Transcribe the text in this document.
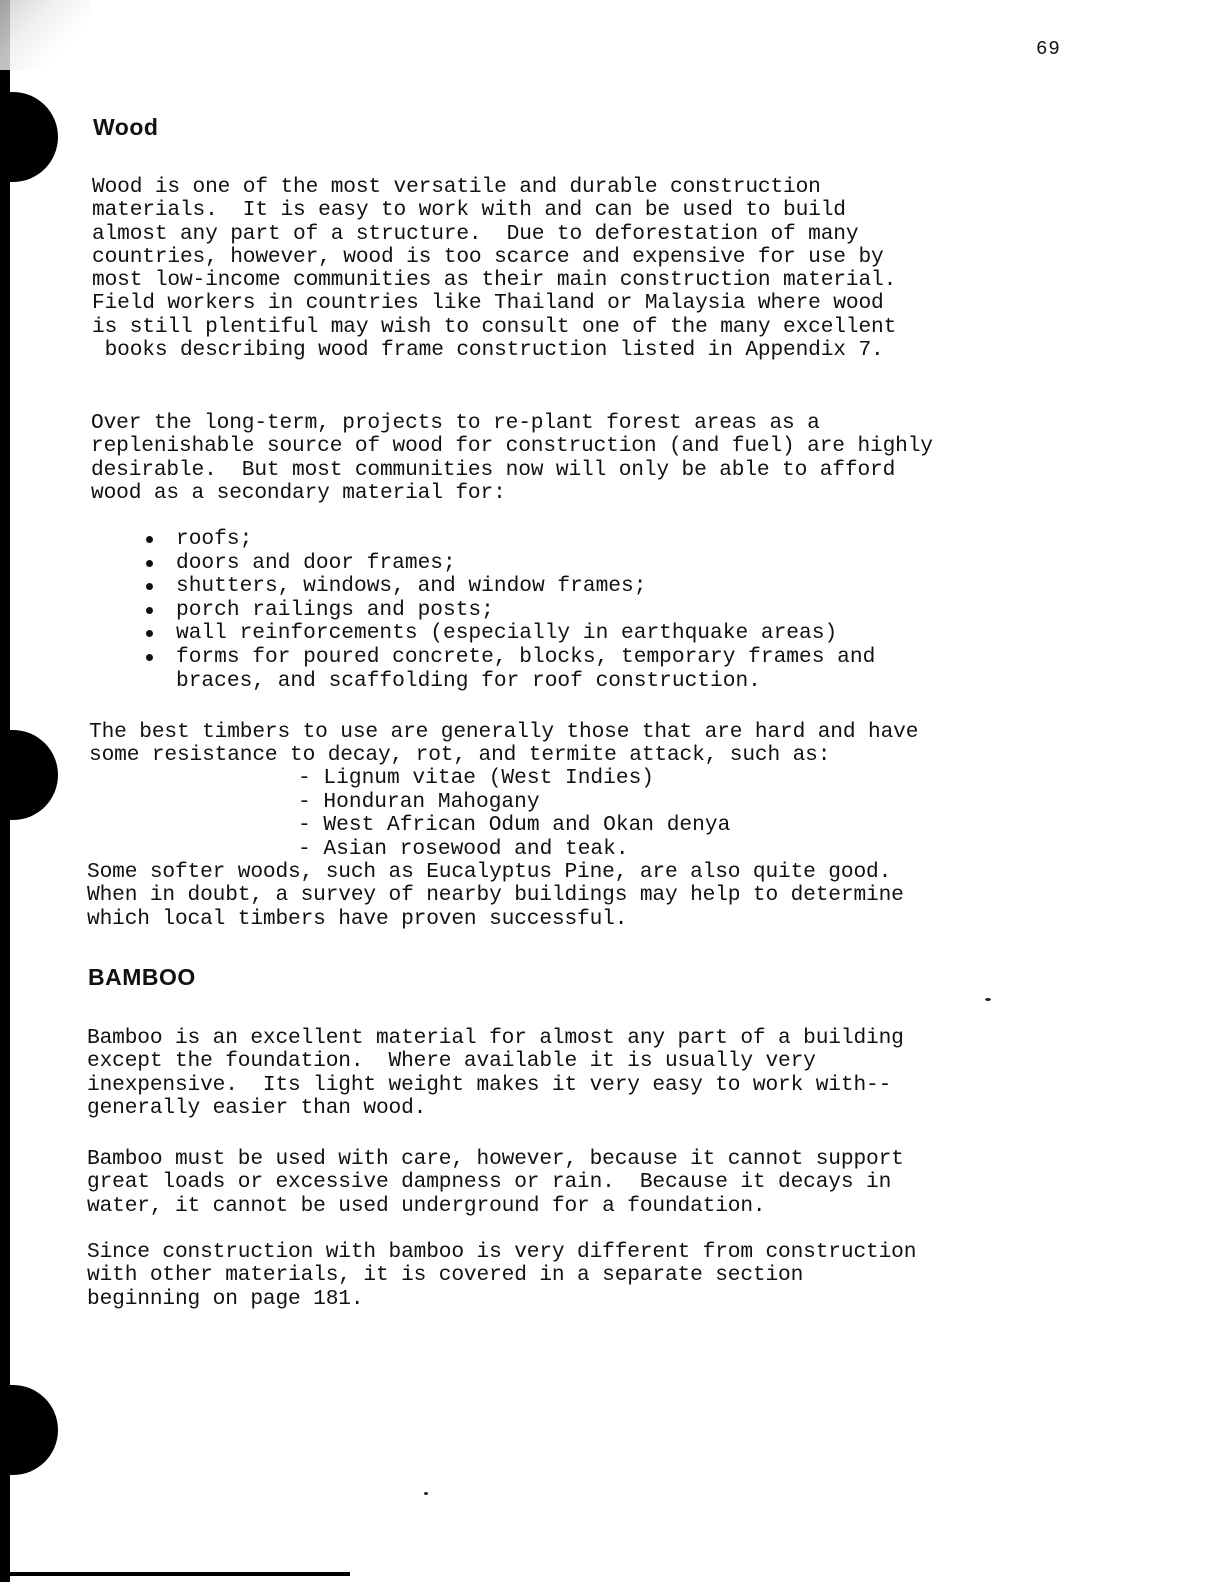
69
Wood

Wood is one of the most versatile and durable construction
materials.  It is easy to work with and can be used to build
almost any part of a structure.  Due to deforestation of many
countries, however, wood is too scarce and expensive for use by
most low-income communities as their main construction material.
Field workers in countries like Thailand or Malaysia where wood
is still plentiful may wish to consult one of the many excellent
books describing wood frame construction listed in Appendix 7.

Over the long-term, projects to re-plant forest areas as a
replenishable source of wood for construction (and fuel) are highly
desirable.  But most communities now will only be able to afford
wood as a secondary material for:

roofs;
doors and door frames;
shutters, windows, and window frames;
porch railings and posts;
wall reinforcements (especially in earthquake areas)
forms for poured concrete, blocks, temporary frames and
braces, and scaffolding for roof construction.

The best timbers to use are generally those that are hard and have
some resistance to decay, rot, and termite attack, such as:

- Lignum vitae (West Indies)
- Honduran Mahogany
- West African Odum and Okan denya
- Asian rosewood and teak.

Some softer woods, such as Eucalyptus Pine, are also quite good.
When in doubt, a survey of nearby buildings may help to determine
which local timbers have proven successful.

BAMBOO

Bamboo is an excellent material for almost any part of a building
except the foundation.  Where available it is usually very
inexpensive.  Its light weight makes it very easy to work with--
generally easier than wood.

Bamboo must be used with care, however, because it cannot support
great loads or excessive dampness or rain.  Because it decays in
water, it cannot be used underground for a foundation.

Since construction with bamboo is very different from construction
with other materials, it is covered in a separate section
beginning on page 181.
